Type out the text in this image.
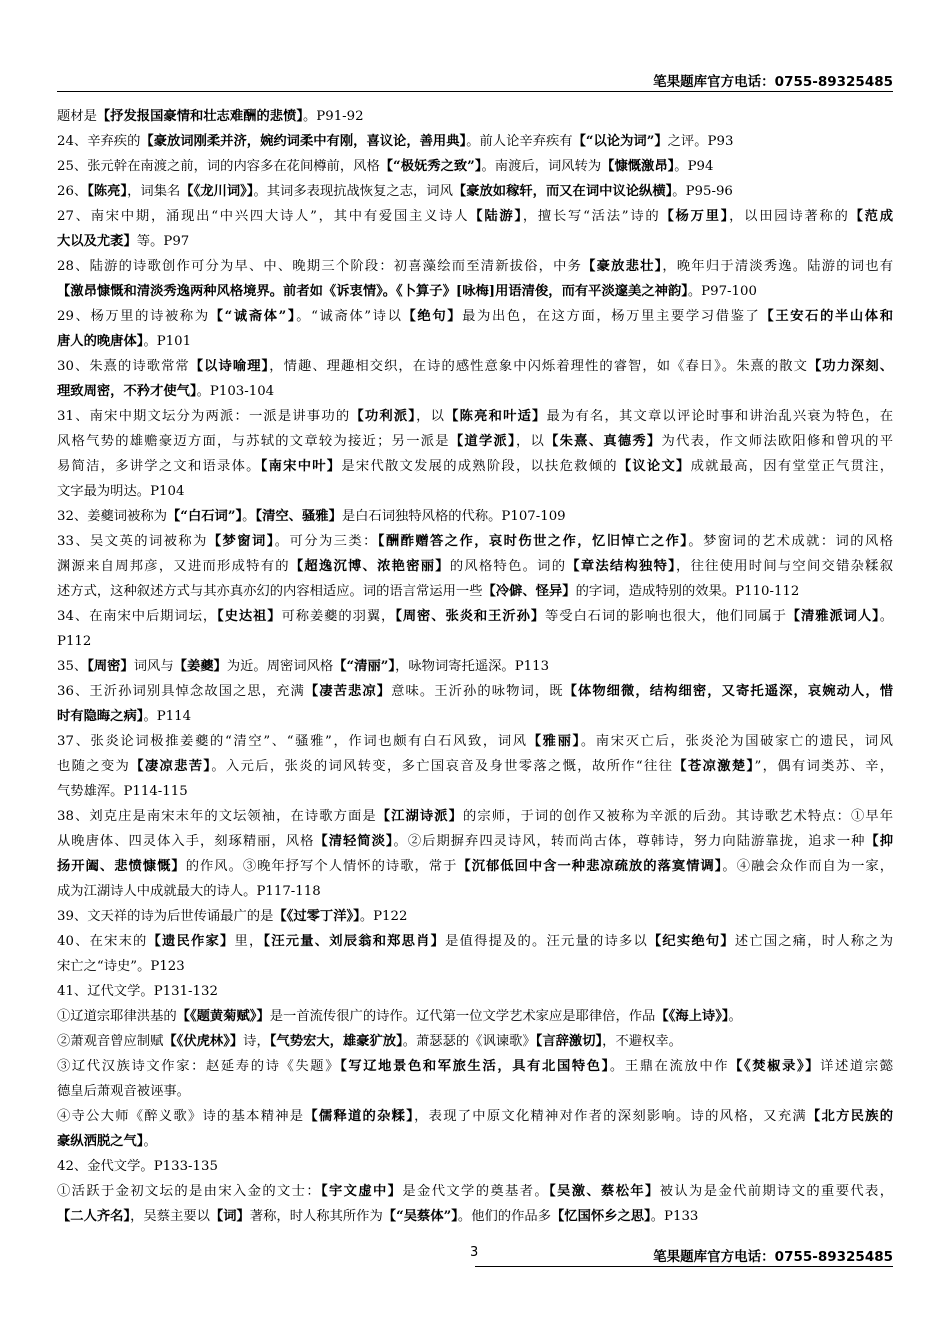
笔果题库官方电话：0755-89325485
题材是【抒发报国豪情和壮志难酬的悲愤】。P91-92
24、辛弃疾的【豪放词刚柔并济，婉约词柔中有刚，喜议论，善用典】。前人论辛弃疾有【“以论为词”】之评。P93
25、张元幹在南渡之前，词的内容多在花间樽前，风格【“极妩秀之致”】。南渡后，词风转为【慷慨激昂】。P94
26、【陈亮】，词集名【《龙川词》】。其词多表现抗战恢复之志，词风【豪放如稼轩，而又在词中议论纵横】。P95-96
27、南宋中期，涌现出“中兴四大诗人”，其中有爱国主义诗人【陆游】，擅长写“活法”诗的【杨万里】，以田园诗著称的【范成
大以及尤袤】等。P97
28、陆游的诗歌创作可分为早、中、晚期三个阶段：初喜藻绘而至清新拔俗，中务【豪放悲壮】，晚年归于清淡秀逸。陆游的词也有
【激昂慷慨和清淡秀逸两种风格境界。前者如《诉衷情》。《卜算子》[咏梅]用语清俊，而有平淡邃美之神韵】。P97-100
29、杨万里的诗被称为【“诚斋体”】。“诚斋体”诗以【绝句】最为出色，在这方面，杨万里主要学习借鉴了【王安石的半山体和
唐人的晚唐体】。P101
30、朱熹的诗歌常常【以诗喻理】，情趣、理趣相交织，在诗的感性意象中闪烁着理性的睿智，如《春日》。朱熹的散文【功力深刻、
理致周密，不矜才使气】。P103-104
31、南宋中期文坛分为两派：一派是讲事功的【功利派】，以【陈亮和叶适】最为有名，其文章以评论时事和讲治乱兴衰为特色，在
风格气势的雄赡豪迈方面，与苏轼的文章较为接近；另一派是【道学派】，以【朱熹、真德秀】为代表，作文师法欧阳修和曾巩的平
易简洁，多讲学之文和语录体。【南宋中叶】是宋代散文发展的成熟阶段，以扶危救倾的【议论文】成就最高，因有堂堂正气贯注，
文字最为明达。P104
32、姜夔词被称为【“白石词”】。【清空、骚雅】是白石词独特风格的代称。P107-109
33、吴文英的词被称为【梦窗词】。可分为三类：【酬酢赠答之作，哀时伤世之作，忆旧悼亡之作】。梦窗词的艺术成就：词的风格
渊源来自周邦彦，又进而形成特有的【超逸沉博、浓艳密丽】的风格特色。词的【章法结构独特】，往往使用时间与空间交错杂糅叙
述方式，这种叙述方式与其亦真亦幻的内容相适应。词的语言常运用一些【冷僻、怪异】的字词，造成特别的效果。P110-112
34、在南宋中后期词坛，【史达祖】可称姜夔的羽翼，【周密、张炎和王沂孙】等受白石词的影响也很大，他们同属于【清雅派词人】。
P112
35、【周密】词风与【姜夔】为近。周密词风格【“清丽”】，咏物词寄托遥深。P113
36、王沂孙词别具悼念故国之思，充满【凄苦悲凉】意味。王沂孙的咏物词，既【体物细微，结构细密，又寄托遥深，哀婉动人，惜
时有隐晦之病】。P114
37、张炎论词极推姜夔的“清空”、“骚雅”，作词也颇有白石风致，词风【雅丽】。南宋灭亡后，张炎沦为国破家亡的遗民，词风
也随之变为【凄凉悲苦】。入元后，张炎的词风转变，多亡国哀音及身世零落之慨，故所作“往往【苍凉激楚】”，偶有词类苏、辛，
气势雄浑。P114-115
38、刘克庄是南宋末年的文坛领袖，在诗歌方面是【江湖诗派】的宗师，于词的创作又被称为辛派的后劲。其诗歌艺术特点：①早年
从晚唐体、四灵体入手，刻琢精丽，风格【清轻简淡】。②后期摒弃四灵诗风，转而尚古体，尊韩诗，努力向陆游靠拢，追求一种【抑
扬开阖、悲愤慷慨】的作风。③晚年抒写个人情怀的诗歌，常于【沉郁低回中含一种悲凉疏放的落寞情调】。④融会众作而自为一家，
成为江湖诗人中成就最大的诗人。P117-118
39、文天祥的诗为后世传诵最广的是【《过零丁洋》】。P122
40、在宋末的【遗民作家】里，【汪元量、刘辰翁和郑思肖】是值得提及的。汪元量的诗多以【纪实绝句】述亡国之痛，时人称之为
宋亡之“诗史”。P123
41、辽代文学。P131-132
①辽道宗耶律洪基的【《题黄菊赋》】是一首流传很广的诗作。辽代第一位文学艺术家应是耶律倍，作品【《海上诗》】。
②萧观音曾应制赋【《伏虎林》】诗，【气势宏大，雄豪犷放】。萧瑟瑟的《讽谏歌》【言辞激切】，不避权幸。
③辽代汉族诗文作家：赵延寿的诗《失题》【写辽地景色和军旅生活，具有北国特色】。王鼎在流放中作【《焚椒录》】详述道宗懿
德皇后萧观音被诬事。
④寺公大师《醉义歌》诗的基本精神是【儒释道的杂糅】，表现了中原文化精神对作者的深刻影响。诗的风格，又充满【北方民族的
豪纵洒脱之气】。
42、金代文学。P133-135
①活跃于金初文坛的是由宋入金的文士：【宇文虚中】是金代文学的奠基者。【吴激、蔡松年】被认为是金代前期诗文的重要代表，
【二人齐名】，吴蔡主要以【词】著称，时人称其所作为【“吴蔡体”】。他们的作品多【忆国怀乡之思】。P133
3	笔果题库官方电话：0755-89325485
